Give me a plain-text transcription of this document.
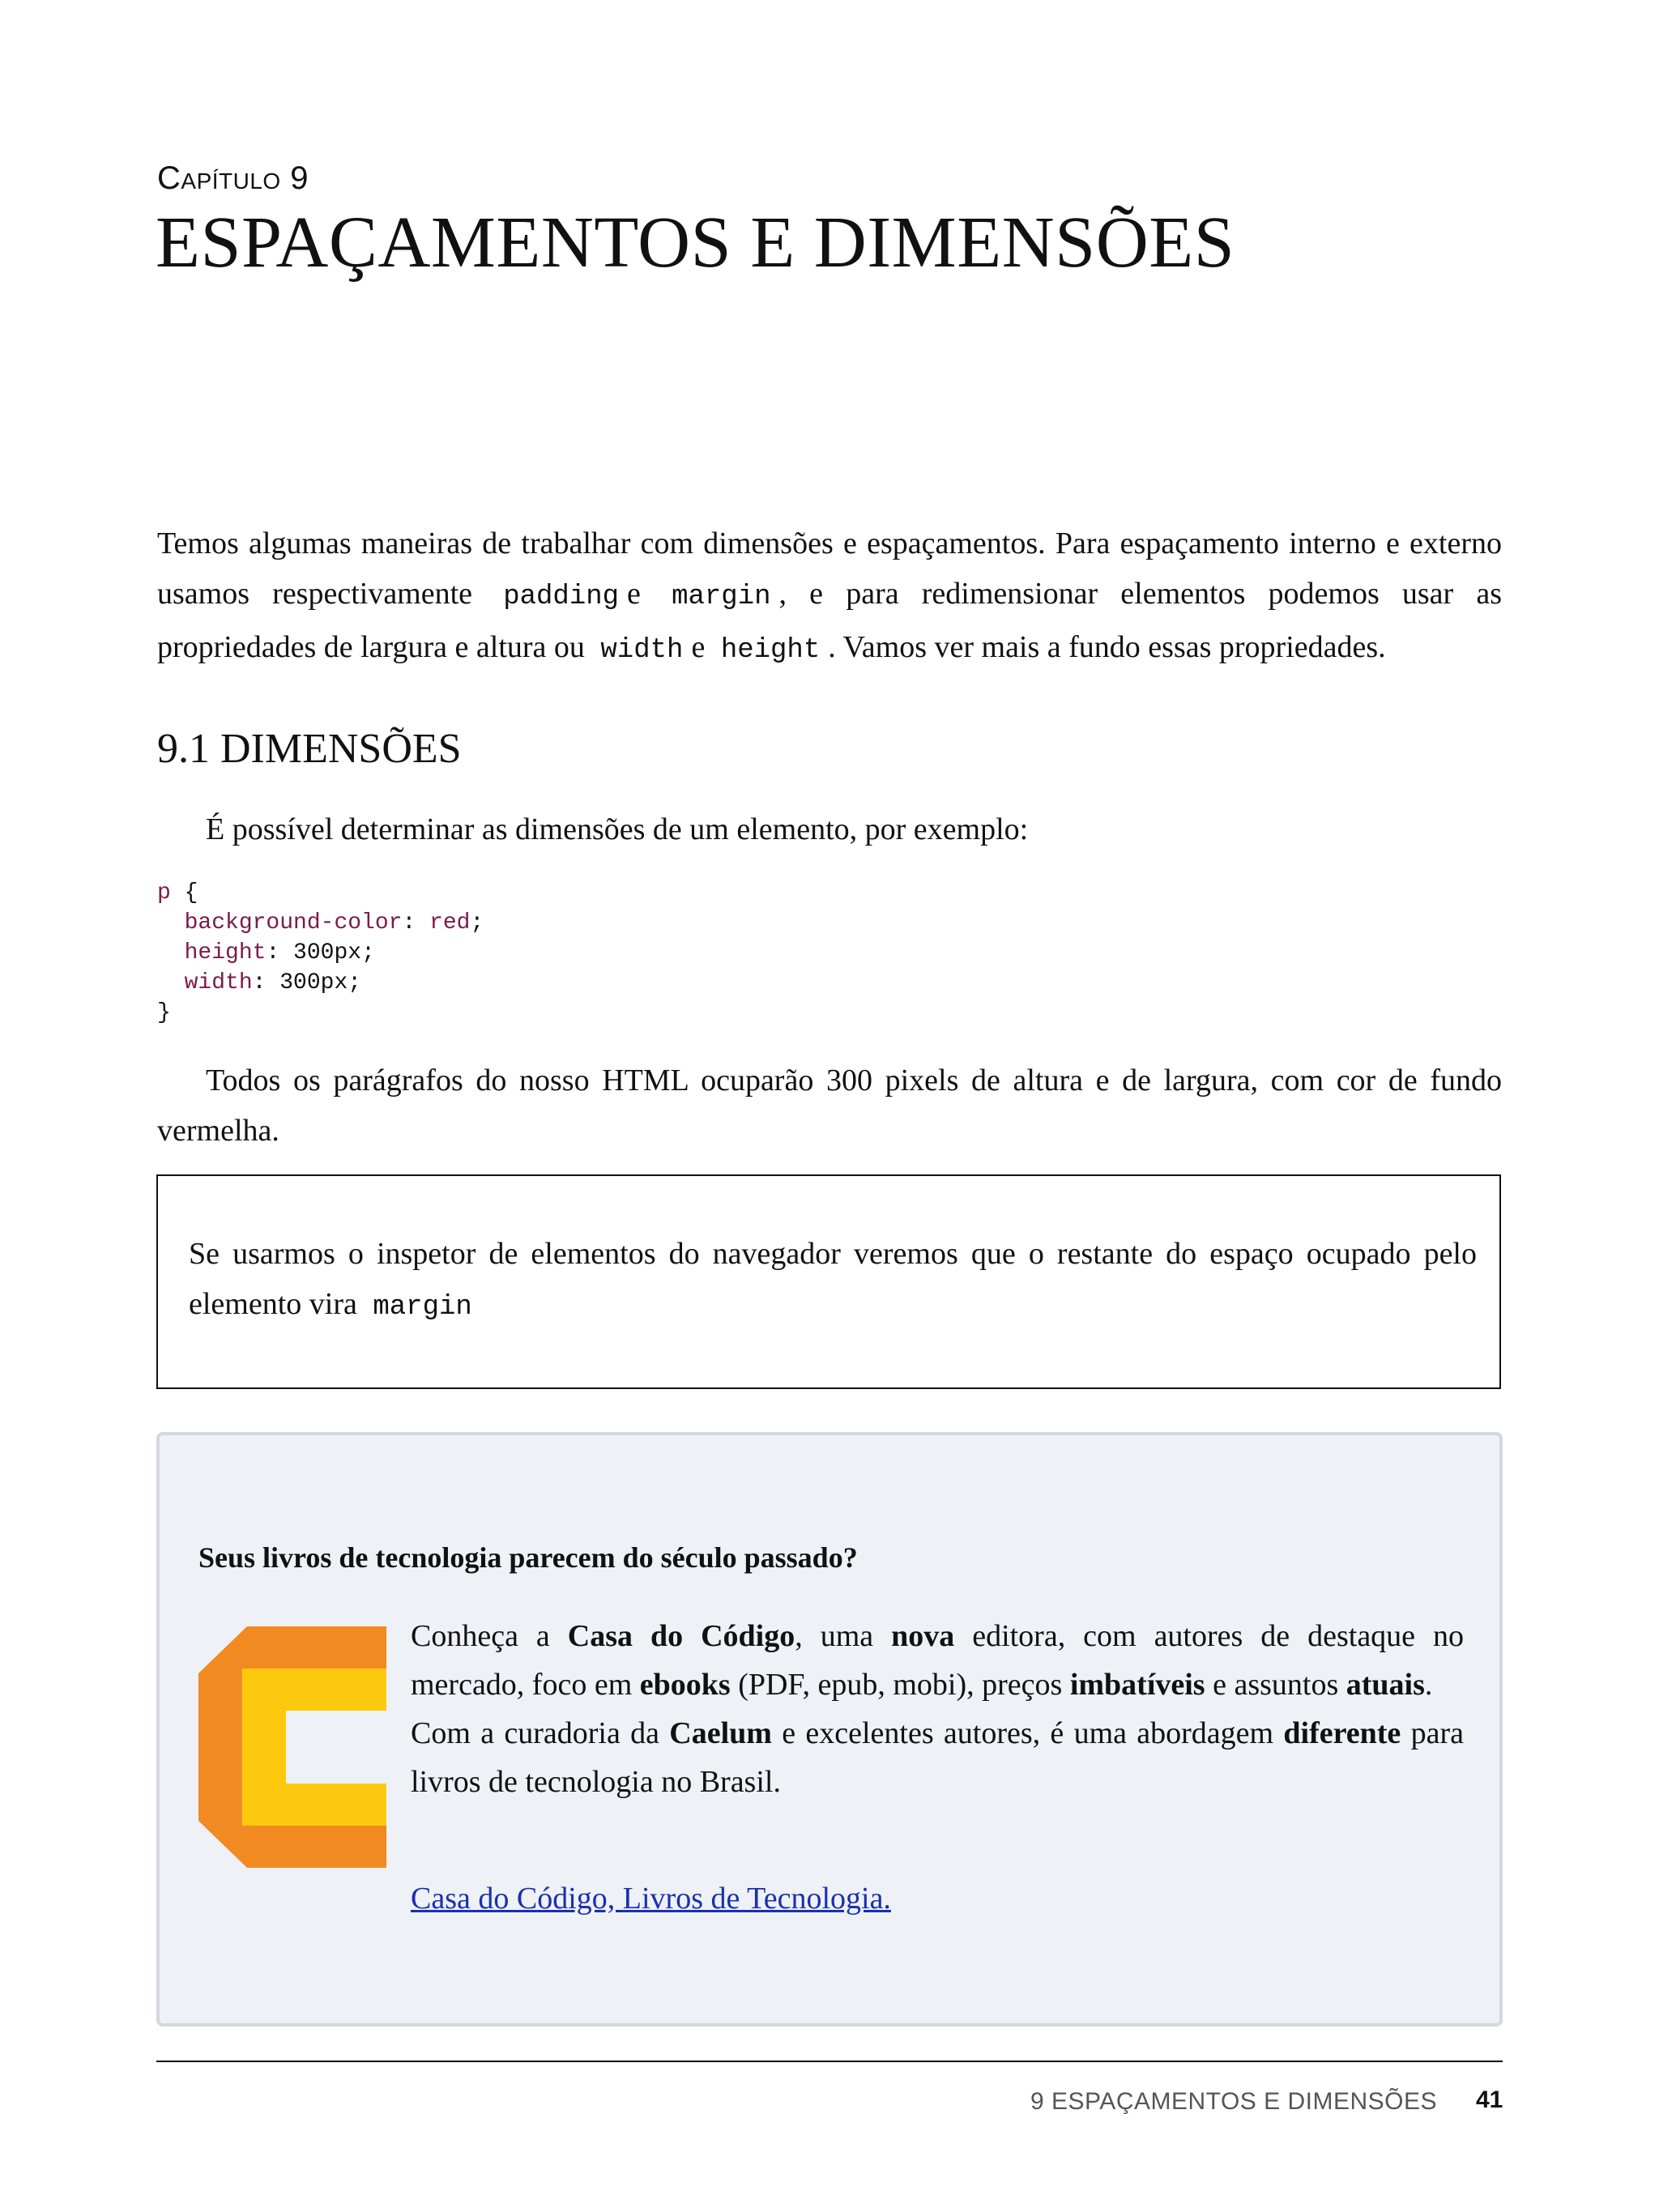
Capítulo 9
ESPAÇAMENTOS E DIMENSÕES

Temos algumas maneiras de trabalhar com dimensões e espaçamentos. Para espaçamento interno e externo usamos respectivamente padding e margin , e para redimensionar elementos podemos usar as propriedades de largura e altura ou width e height . Vamos ver mais a fundo essas propriedades.

9.1 DIMENSÕES

É possível determinar as dimensões de um elemento, por exemplo:

p {
background-color: red;
height: 300px;
width: 300px;
}

Todos os parágrafos do nosso HTML ocuparão 300 pixels de altura e de largura, com cor de fundo vermelha.

Se usarmos o inspetor de elementos do navegador veremos que o restante do espaço ocupado pelo elemento vira margin

Seus livros de tecnologia parecem do século passado?

Conheça a Casa do Código, uma nova editora, com autores de destaque no mercado, foco em ebooks (PDF, epub, mobi), preços imbatíveis e assuntos atuais.
Com a curadoria da Caelum e excelentes autores, é uma abordagem diferente para livros de tecnologia no Brasil.

Casa do Código, Livros de Tecnologia.
9 ESPAÇAMENTOS E DIMENSÕES 41
